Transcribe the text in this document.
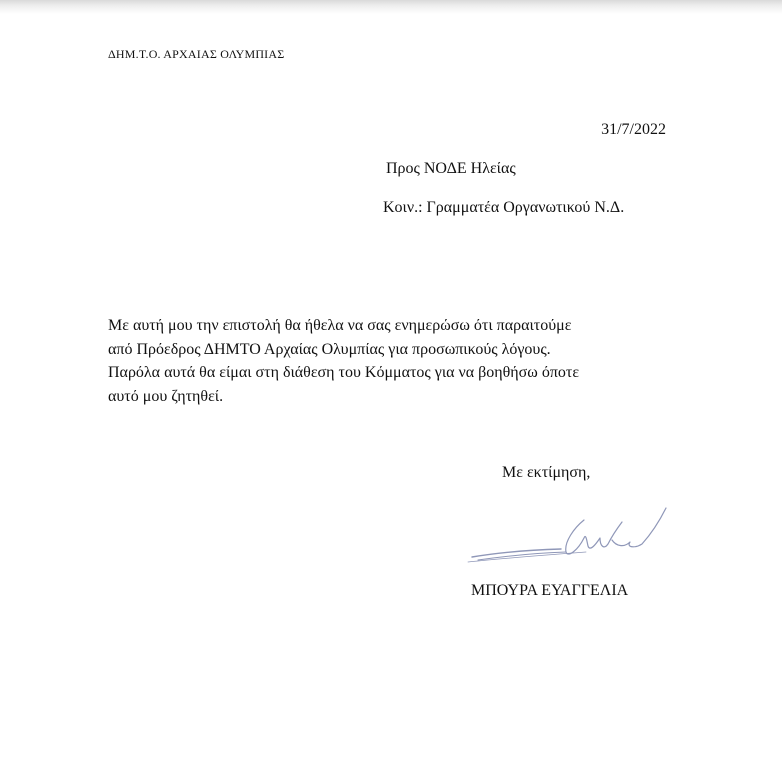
ΔΗΜ.Τ.Ο. ΑΡΧΑΙΑΣ ΟΛΥΜΠΙΑΣ
31/7/2022
Προς ΝΟΔΕ Ηλείας
Κοιν.: Γραμματέα Οργανωτικού Ν.Δ.
Με αυτή μου την επιστολή θα ήθελα να σας ενημερώσω ότι παραιτούμε
από Πρόεδρος ΔΗΜΤΟ Αρχαίας Ολυμπίας για προσωπικούς λόγους.
Παρόλα αυτά θα είμαι στη διάθεση του Κόμματος για να βοηθήσω όποτε
αυτό μου ζητηθεί.
Με εκτίμηση,
ΜΠΟΥΡΑ ΕΥΑΓΓΕΛΙΑ
